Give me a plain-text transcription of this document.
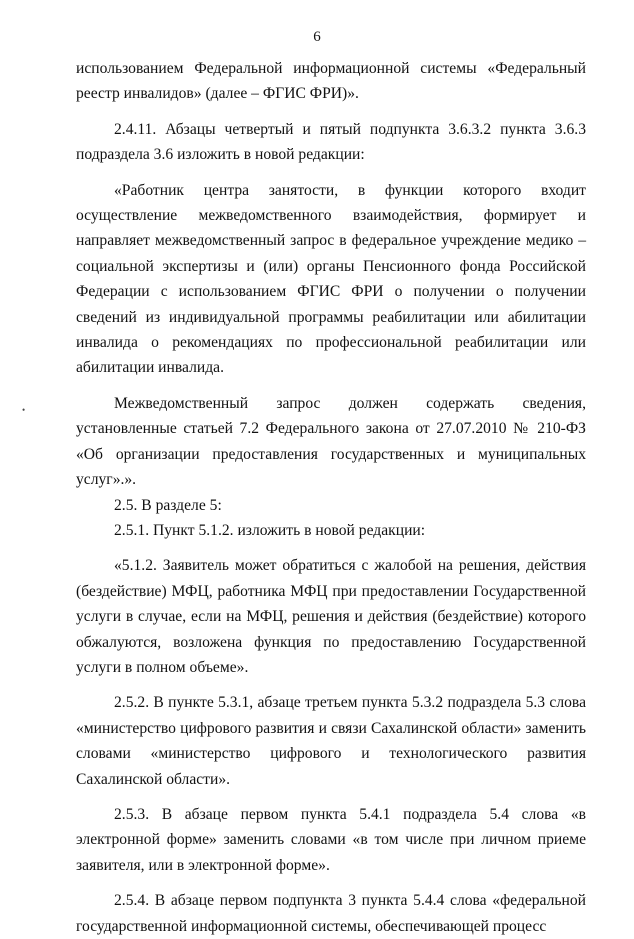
6

использованием Федеральной информационной системы «Федеральный реестр инвалидов» (далее – ФГИС ФРИ)».

2.4.11. Абзацы четвертый и пятый подпункта 3.6.3.2 пункта 3.6.3 подраздела 3.6 изложить в новой редакции:

«Работник центра занятости, в функции которого входит осуществление межведомственного взаимодействия, формирует и направляет межведомственный запрос в федеральное учреждение медико – социальной экспертизы и (или) органы Пенсионного фонда Российской Федерации с использованием ФГИС ФРИ о получении о получении сведений из индивидуальной программы реабилитации или абилитации инвалида о рекомендациях по профессиональной реабилитации или абилитации инвалида.

Межведомственный запрос должен содержать сведения, установленные статьей 7.2 Федерального закона от 27.07.2010 № 210-ФЗ «Об организации предоставления государственных и муниципальных услуг».».

2.5. В разделе 5:

2.5.1. Пункт 5.1.2. изложить в новой редакции:

«5.1.2. Заявитель может обратиться с жалобой на решения, действия (бездействие) МФЦ, работника МФЦ при предоставлении Государственной услуги в случае, если на МФЦ, решения и действия (бездействие) которого обжалуются, возложена функция по предоставлению Государственной услуги в полном объеме».

2.5.2. В пункте 5.3.1, абзаце третьем пункта 5.3.2 подраздела 5.3 слова «министерство цифрового развития и связи Сахалинской области» заменить словами «министерство цифрового и технологического развития Сахалинской области».

2.5.3. В абзаце первом пункта 5.4.1 подраздела 5.4 слова «в электронной форме» заменить словами «в том числе при личном приеме заявителя, или в электронной форме».

2.5.4. В абзаце первом подпункта 3 пункта 5.4.4 слова «федеральной государственной информационной системы, обеспечивающей процесс

•
